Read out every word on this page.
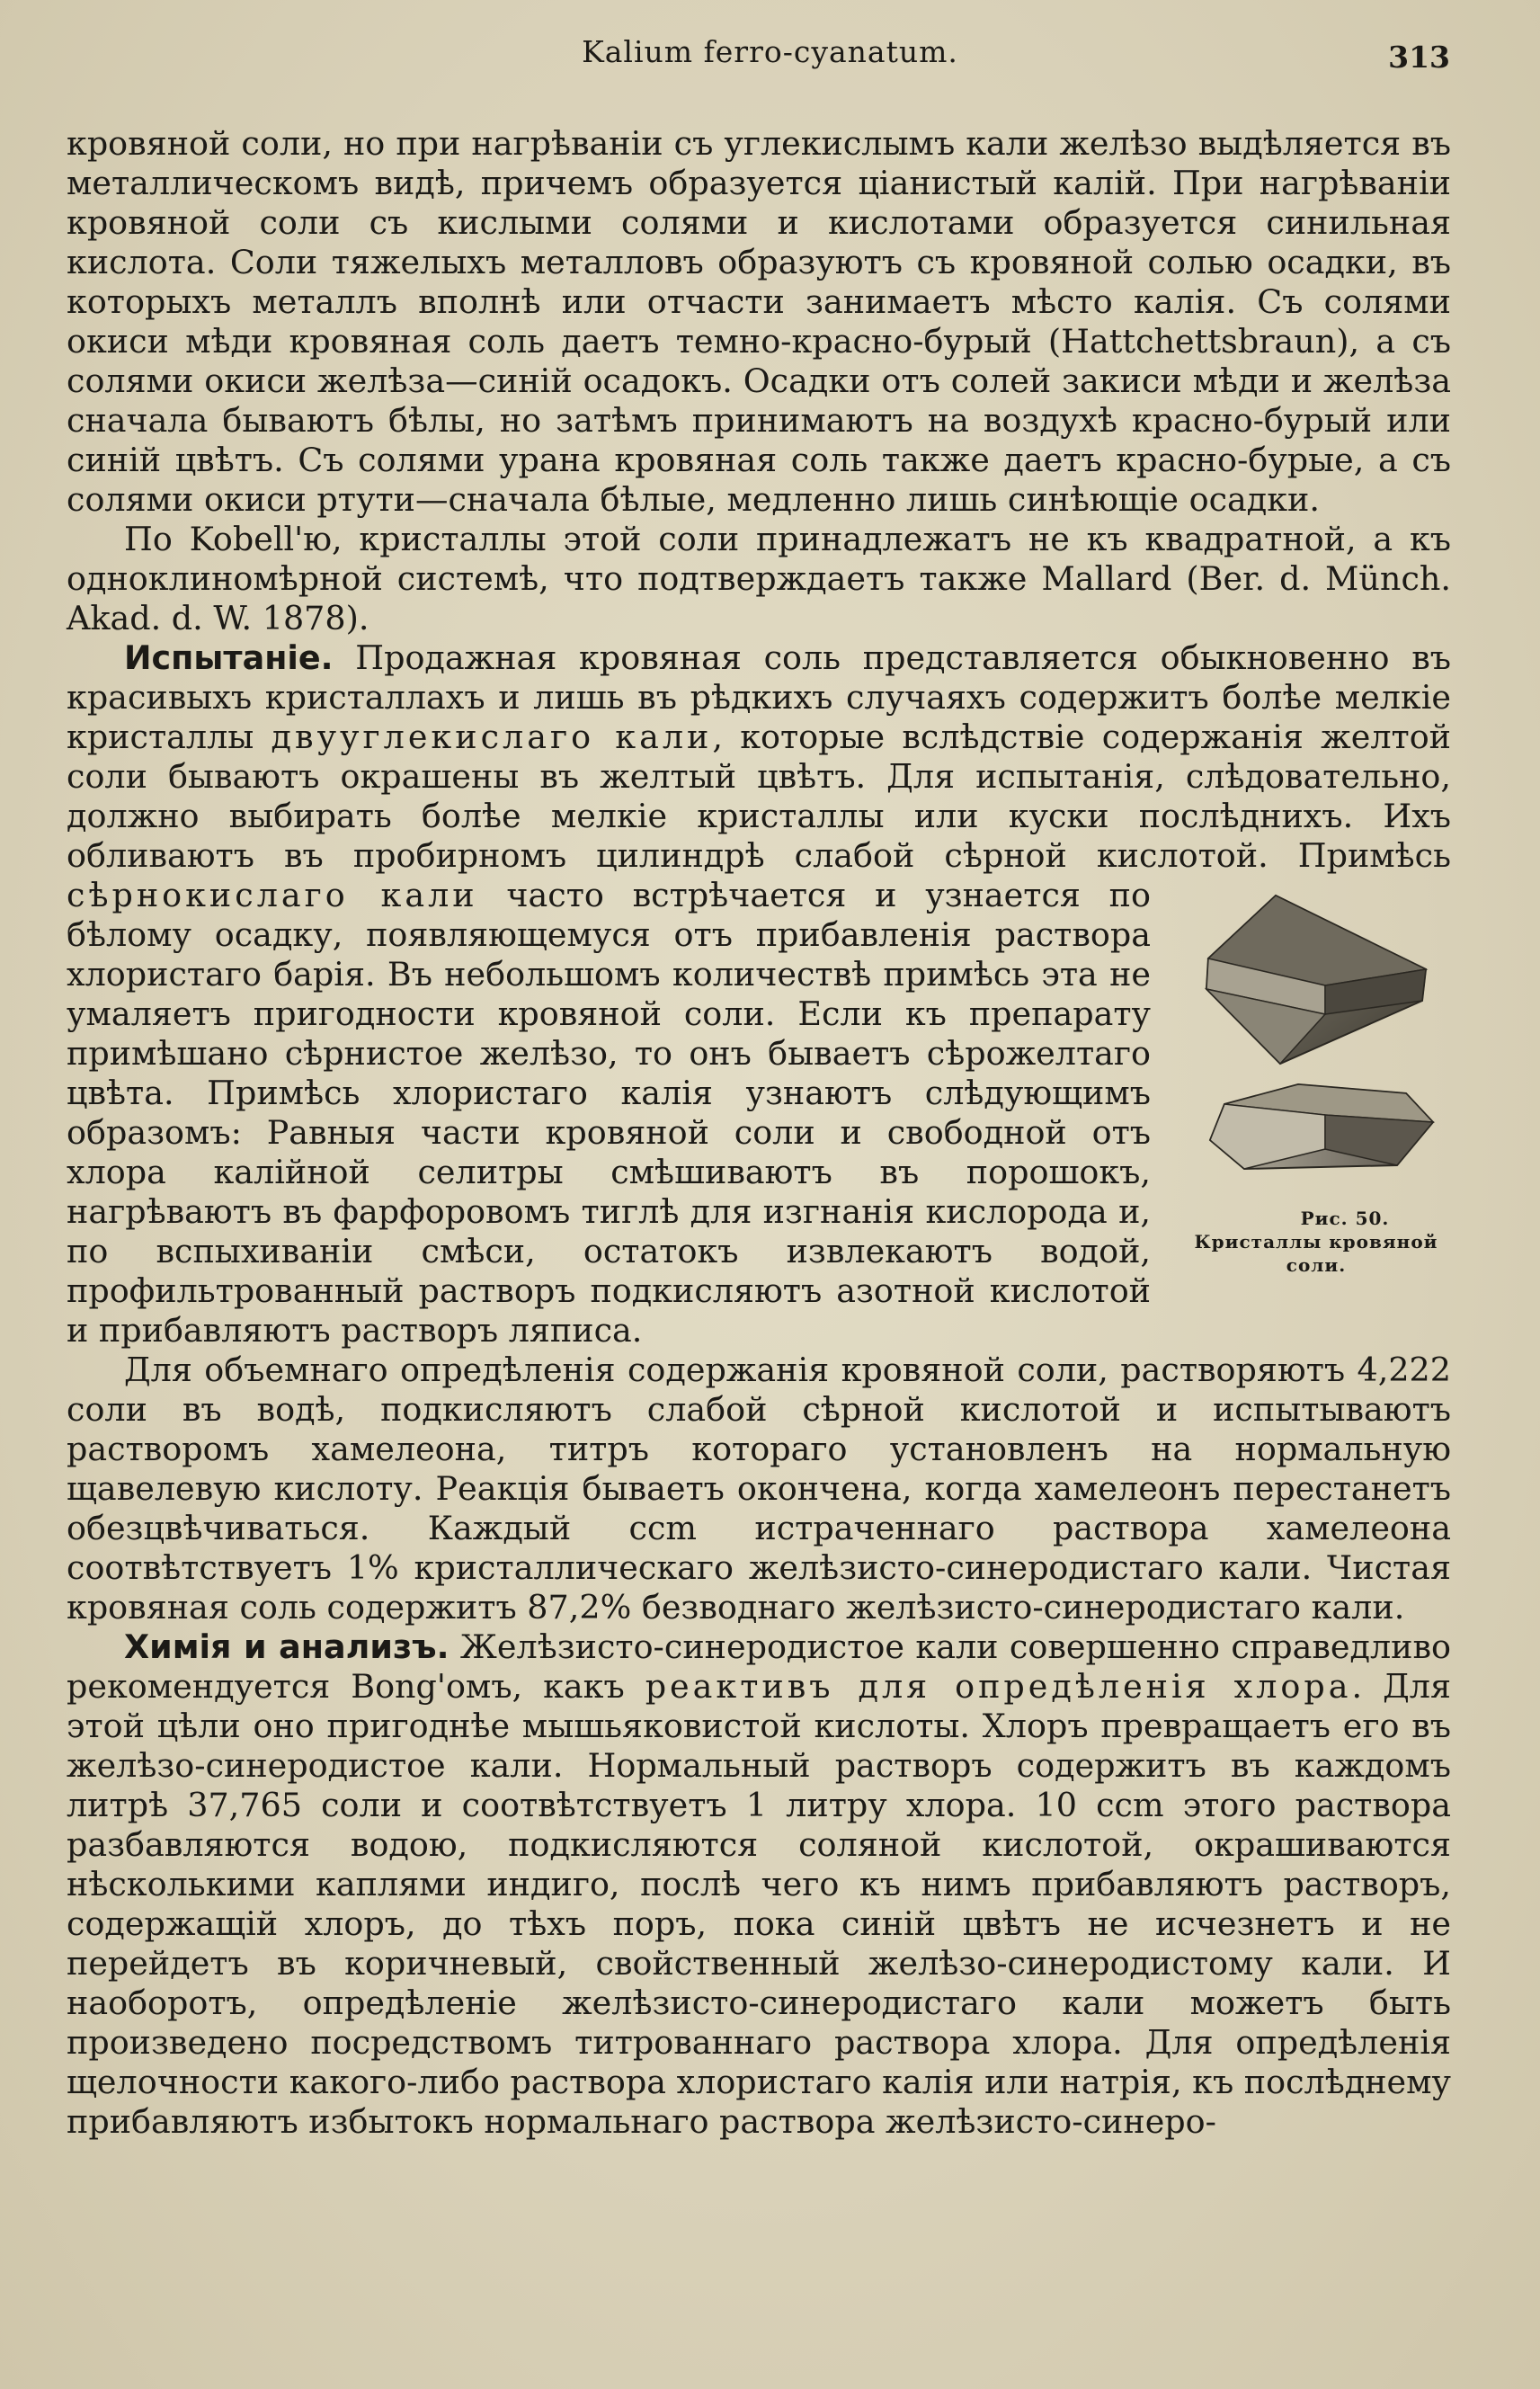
Kalium ferro-cyanatum.	313

кровяной соли, но при нагрѣваніи съ углекислымъ кали желѣзо выдѣляется въ металлическомъ видѣ, причемъ образуется ціанистый калій. При нагрѣваніи кровяной соли съ кислыми солями и кислотами образуется синильная кислота. Соли тяжелыхъ металловъ образуютъ съ кровяной солью осадки, въ которыхъ металлъ вполнѣ или отчасти занимаетъ мѣсто калія. Съ солями окиси мѣди кровяная соль даетъ темно-красно-бурый (Hattchettsbraun), а съ солями окиси желѣза—синій осадокъ. Осадки отъ солей закиси мѣди и желѣза сначала бываютъ бѣлы, но затѣмъ принимаютъ на воздухѣ красно-бурый или синій цвѣтъ. Съ солями урана кровяная соль также даетъ красно-бурые, а съ солями окиси ртути—сначала бѣлые, медленно лишь синѣющіе осадки.

По Kobell'ю, кристаллы этой соли принадлежатъ не къ квадратной, а къ одноклиномѣрной системѣ, что подтверждаетъ также Mallard (Ber. d. Münch. Akad. d. W. 1878).

Испытаніе. Продажная кровяная соль представляется обыкновенно въ красивыхъ кристаллахъ и лишь въ рѣдкихъ случаяхъ содержитъ болѣе мелкіе кристаллы двууглекислаго кали, которые вслѣдствіе содержанія желтой соли бываютъ окрашены въ желтый цвѣтъ. Для испытанія, слѣдовательно, должно выбирать болѣе мелкіе кристаллы или куски послѣднихъ. Ихъ обливаютъ въ пробирномъ цилиндрѣ слабой сѣрной кислотой. Примѣсь
Рис. 50. Кристаллы кровяной соли.
сѣрнокислаго кали часто встрѣчается и узнается по бѣлому осадку, появляющемуся отъ прибавленія раствора хлористаго барія. Въ небольшомъ количествѣ примѣсь эта не умаляетъ пригодности кровяной соли. Если къ препарату примѣшано сѣрнистое желѣзо, то онъ бываетъ сѣрожелтаго цвѣта. Примѣсь хлористаго калія узнаютъ слѣдующимъ образомъ: Равныя части кровяной соли и свободной отъ хлора калійной селитры смѣшиваютъ въ порошокъ, нагрѣваютъ въ фарфоровомъ тиглѣ для изгнанія кислорода и, по вспыхиваніи смѣси, остатокъ извлекаютъ водой, профильтрованный растворъ подкисляютъ азотной кислотой и прибавляютъ растворъ ляписа.

Для объемнаго опредѣленія содержанія кровяной соли, растворяютъ 4,222 соли въ водѣ, подкисляютъ слабой сѣрной кислотой и испытываютъ растворомъ хамелеона, титръ котораго установленъ на нормальную щавелевую кислоту. Реакція бываетъ окончена, когда хамелеонъ перестанетъ обезцвѣчиваться. Каждый ccm истраченнаго раствора хамелеона соотвѣтствуетъ 1% кристаллическаго желѣзисто-синеродистаго кали. Чистая кровяная соль содержитъ 87,2% безводнаго желѣзисто-синеродистаго кали.

Химія и анализъ. Желѣзисто-синеродистое кали совершенно справедливо рекомендуется Bong'омъ, какъ реактивъ для опредѣленія хлора. Для этой цѣли оно пригоднѣе мышьяковистой кислоты. Хлоръ превращаетъ его въ желѣзо-синеродистое кали. Нормальный растворъ содержитъ въ каждомъ литрѣ 37,765 соли и соотвѣтствуетъ 1 литру хлора. 10 ccm этого раствора разбавляются водою, подкисляются соляной кислотой, окрашиваются нѣсколькими каплями индиго, послѣ чего къ нимъ прибавляютъ растворъ, содержащій хлоръ, до тѣхъ поръ, пока синій цвѣтъ не исчезнетъ и не перейдетъ въ коричневый, свойственный желѣзо-синеродистому кали. И наоборотъ, опредѣленіе желѣзисто-синеродистаго кали можетъ быть произведено посредствомъ титрованнаго раствора хлора. Для опредѣленія щелочности какого-либо раствора хлористаго калія или натрія, къ послѣднему прибавляютъ избытокъ нормальнаго раствора желѣзисто-синеро-
